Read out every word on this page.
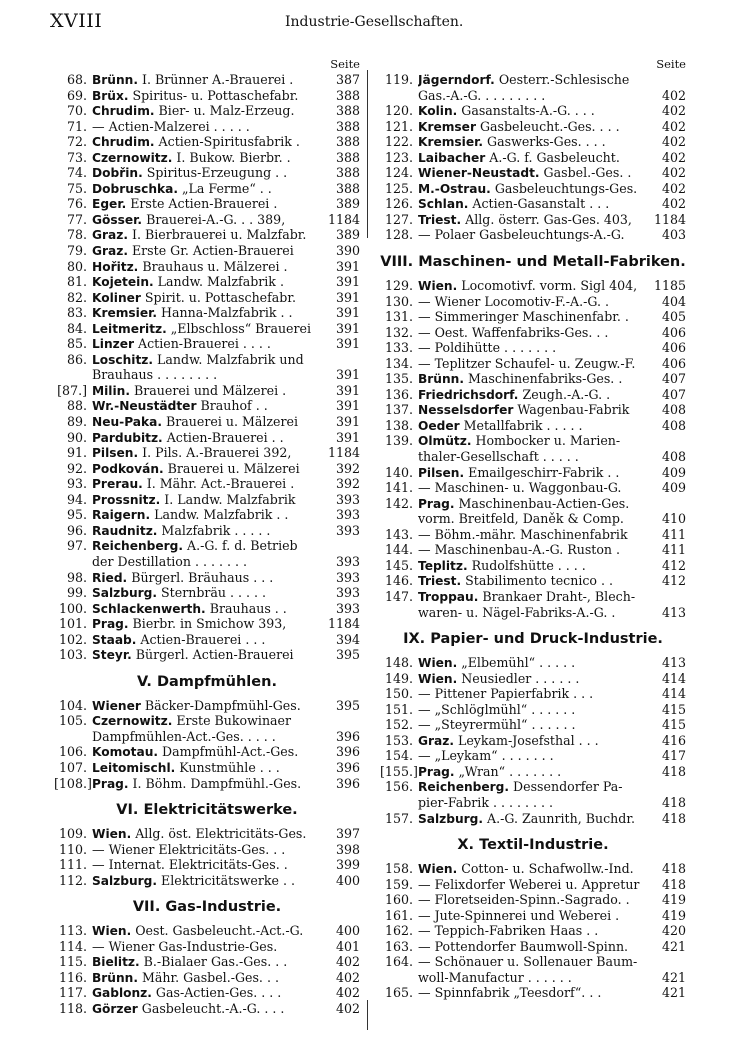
XVIII	Industrie-Gesellschaften.
Seite
68. Brünn. I. Brünner A.-Brauerei .	387
69. Brüx. Spiritus- u. Pottaschefabr.	388
70. Chrudim. Bier- u. Malz-Erzeug.	388
71. — Actien-Malzerei . . . . .	388
72. Chrudim. Actien-Spiritusfabrik .	388
73. Czernowitz. I. Bukow. Bierbr. .	388
74. Dobřin. Spiritus-Erzeugung . .	388
75. Dobruschka. „La Ferme“ . .	388
76. Eger. Erste Actien-Brauerei .	389
77. Gösser. Brauerei-A.-G. . . 389,	1184
78. Graz. I. Bierbrauerei u. Malzfabr.	389
79. Graz. Erste Gr. Actien-Brauerei	390
80. Hořitz. Brauhaus u. Mälzerei .	391
81. Kojetein. Landw. Malzfabrik .	391
82. Koliner Spirit. u. Pottaschefabr.	391
83. Kremsier. Hanna-Malzfabrik . .	391
84. Leitmeritz. „Elbschloss“ Brauerei	391
85. Linzer Actien-Brauerei . . . .	391
86. Loschitz. Landw. Malzfabrik und
Brauhaus . . . . . . . .	391
[87.] Milin. Brauerei und Mälzerei .	391
88. Wr.-Neustädter Brauhof . .	391
89. Neu-Paka. Brauerei u. Mälzerei	391
90. Pardubitz. Actien-Brauerei . .	391
91. Pilsen. I. Pils. A.-Brauerei 392,	1184
92. Podkován. Brauerei u. Mälzerei	392
93. Prerau. I. Mähr. Act.-Brauerei .	392
94. Prossnitz. I. Landw. Malzfabrik	393
95. Raigern. Landw. Malzfabrik . .	393
96. Raudnitz. Malzfabrik . . . . .	393
97. Reichenberg. A.-G. f. d. Betrieb
der Destillation . . . . . . .	393
98. Ried. Bürgerl. Bräuhaus . . .	393
99. Salzburg. Sternbräu . . . . .	393
100. Schlackenwerth. Brauhaus . .	393
101. Prag. Bierbr. in Smichow 393,	1184
102. Staab. Actien-Brauerei . . .	394
103. Steyr. Bürgerl. Actien-Brauerei	395
V. Dampfmühlen.
104. Wiener Bäcker-Dampfmühl-Ges.	395
105. Czernowitz. Erste Bukowinaer
Dampfmühlen-Act.-Ges. . . . .	396
106. Komotau. Dampfmühl-Act.-Ges.	396
107. Leitomischl. Kunstmühle . . .	396
[108.] Prag. I. Böhm. Dampfmühl.-Ges.	396
VI. Elektricitätswerke.
109. Wien. Allg. öst. Elektricitäts-Ges.	397
110. — Wiener Elektricitäts-Ges. . .	398
111. — Internat. Elektricitäts-Ges. .	399
112. Salzburg. Elektricitätswerke . .	400
VII. Gas-Industrie.
113. Wien. Oest. Gasbeleucht.-Act.-G.	400
114. — Wiener Gas-Industrie-Ges.	401
115. Bielitz. B.-Bialaer Gas.-Ges. . .	402
116. Brünn. Mähr. Gasbel.-Ges. . .	402
117. Gablonz. Gas-Actien-Ges. . . .	402
118. Görzer Gasbeleucht.-A.-G. . . .	402
Seite
119. Jägerndorf. Oesterr.-Schlesische
Gas.-A.-G. . . . . . . . .	402
120. Kolin. Gasanstalts-A.-G. . . .	402
121. Kremser Gasbeleucht.-Ges. . . .	402
122. Kremsier. Gaswerks-Ges. . . .	402
123. Laibacher A.-G. f. Gasbeleucht.	402
124. Wiener-Neustadt. Gasbel.-Ges. .	402
125. M.-Ostrau. Gasbeleuchtungs-Ges.	402
126. Schlan. Actien-Gasanstalt . . .	402
127. Triest. Allg. österr. Gas-Ges. 403,	1184
128. — Polaer Gasbeleuchtungs-A.-G.	403
VIII. Maschinen- und Metall-Fabriken.
129. Wien. Locomotivf. vorm. Sigl 404,	1185
130. — Wiener Locomotiv-F.-A.-G. .	404
131. — Simmeringer Maschinenfabr. .	405
132. — Oest. Waffenfabriks-Ges. . .	406
133. — Poldihütte . . . . . . .	406
134. — Teplitzer Schaufel- u. Zeugw.-F.	406
135. Brünn. Maschinenfabriks-Ges. .	407
136. Friedrichsdorf. Zeugh.-A.-G. .	407
137. Nesselsdorfer Wagenbau-Fabrik	408
138. Oeder Metallfabrik . . . . .	408
139. Olmütz. Hombocker u. Marien-
thaler-Gesellschaft . . . . .	408
140. Pilsen. Emailgeschirr-Fabrik . .	409
141. — Maschinen- u. Waggonbau-G.	409
142. Prag. Maschinenbau-Actien-Ges.
vorm. Breitfeld, Daněk & Comp.	410
143. — Böhm.-mähr. Maschinenfabrik	411
144. — Maschinenbau-A.-G. Ruston .	411
145. Teplitz. Rudolfshütte . . . .	412
146. Triest. Stabilimento tecnico . .	412
147. Troppau. Brankaer Draht-, Blech-
waren- u. Nägel-Fabriks-A.-G. .	413
IX. Papier- und Druck-Industrie.
148. Wien. „Elbemühl“ . . . . .	413
149. Wien. Neusiedler . . . . . .	414
150. — Pittener Papierfabrik . . .	414
151. — „Schlöglmühl“ . . . . . .	415
152. — „Steyrermühl“ . . . . . .	415
153. Graz. Leykam-Josefsthal . . .	416
154. — „Leykam“ . . . . . . .	417
[155.] Prag. „Wran“ . . . . . . .	418
156. Reichenberg. Dessendorfer Pa-
pier-Fabrik . . . . . . . .	418
157. Salzburg. A.-G. Zaunrith, Buchdr.	418
X. Textil-Industrie.
158. Wien. Cotton- u. Schafwollw.-Ind.	418
159. — Felixdorfer Weberei u. Appretur	418
160. — Floretseiden-Spinn.-Sagrado. .	419
161. — Jute-Spinnerei und Weberei .	419
162. — Teppich-Fabriken Haas . .	420
163. — Pottendorfer Baumwoll-Spinn.	421
164. — Schönauer u. Sollenauer Baum-
woll-Manufactur . . . . . .	421
165. — Spinnfabrik „Teesdorf“. . .	421
